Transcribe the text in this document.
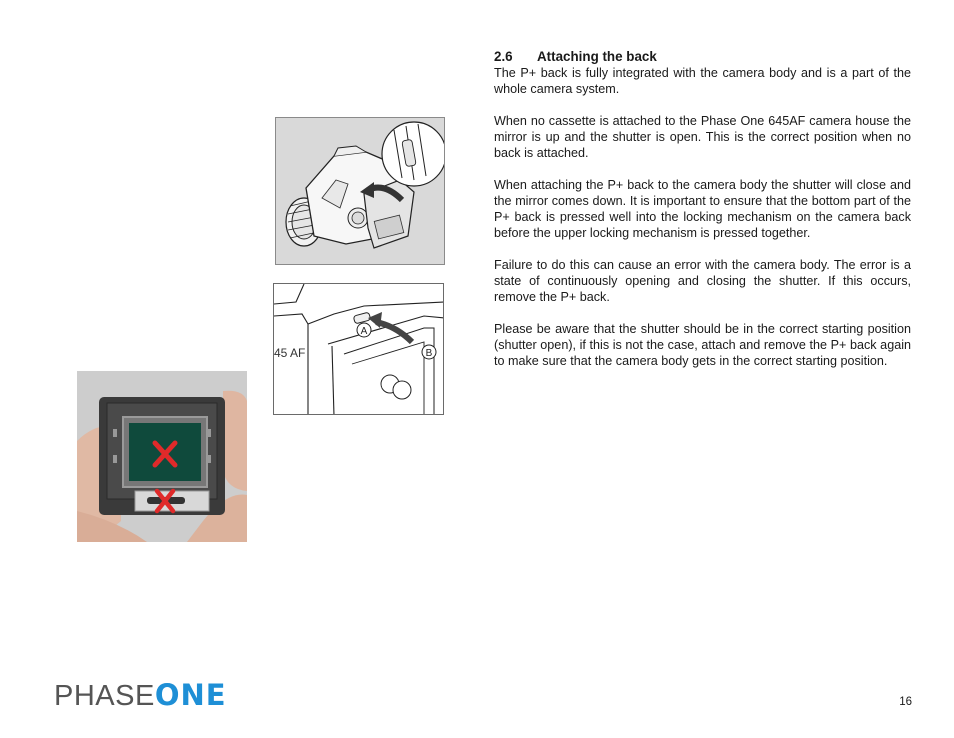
2.6 Attaching the back

The P+ back is fully integrated with the camera body and is a part of the whole camera system.

When no cassette is attached to the Phase One 645AF camera house the mirror is up and the shutter is open. This is the correct position when no back is attached.

When attaching the P+ back to the camera body the shutter will close and the mirror comes down. It is important to ensure that the bottom part of the P+ back is pressed well into the locking mechanism on the camera back before the upper locking mechanism is pressed together.

Failure to do this can cause an error with the camera body. The error is a state of continuously opening and closing the shutter. If this occurs, remove the P+ back.

Please be aware that the shutter should be in the correct starting position (shutter open), if this is not the case, attach and remove the P+ back again to make sure that the camera body gets in the correct starting position.

A
B
45 AF
PHASEONE	16
